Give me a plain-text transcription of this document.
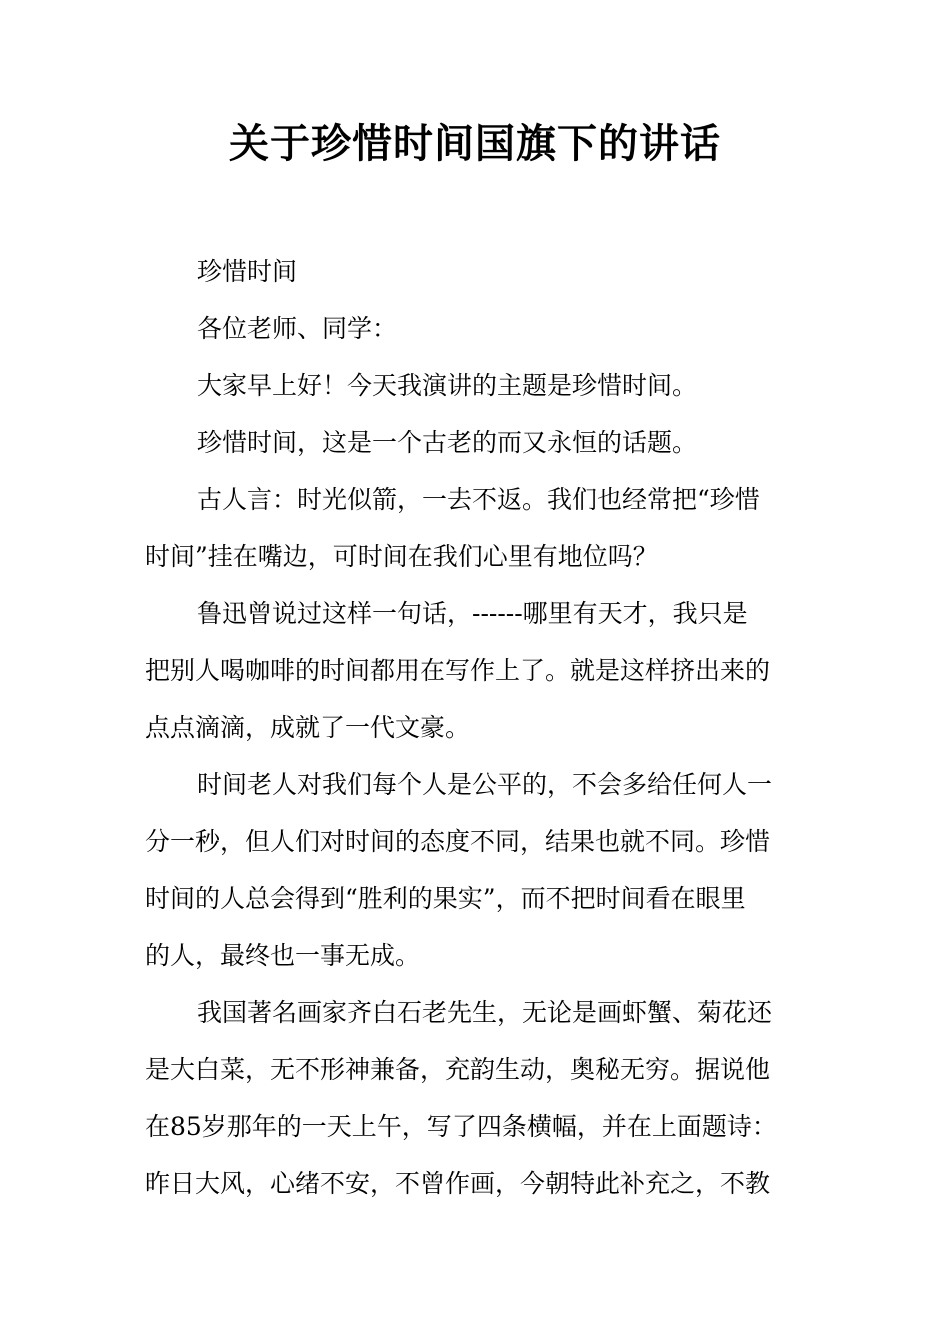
关于珍惜时间国旗下的讲话

珍惜时间

各位老师、同学：

大家早上好！今天我演讲的主题是珍惜时间。

珍惜时间，这是一个古老的而又永恒的话题。

古人言：时光似箭，一去不返。我们也经常把“珍惜
时间”挂在嘴边，可时间在我们心里有地位吗？

鲁迅曾说过这样一句话，------哪里有天才，我只是
把别人喝咖啡的时间都用在写作上了。就是这样挤出来的
点点滴滴，成就了一代文豪。

时间老人对我们每个人是公平的，不会多给任何人一
分一秒，但人们对时间的态度不同，结果也就不同。珍惜
时间的人总会得到“胜利的果实”，而不把时间看在眼里
的人，最终也一事无成。

我国著名画家齐白石老先生，无论是画虾蟹、菊花还
是大白菜，无不形神兼备，充韵生动，奥秘无穷。据说他
在85岁那年的一天上午，写了四条横幅，并在上面题诗：
昨日大风，心绪不安，不曾作画，今朝特此补充之，不教
